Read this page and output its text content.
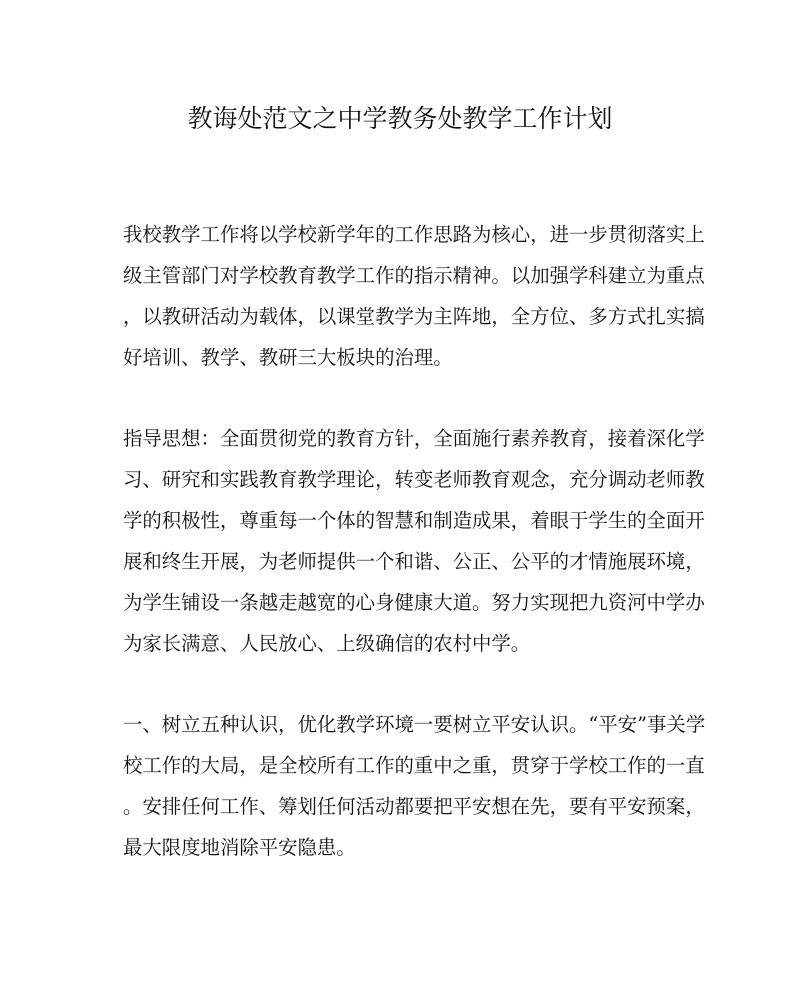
教诲处范文之中学教务处教学工作计划
我校教学工作将以学校新学年的工作思路为核心，进一步贯彻落实上
级主管部门对学校教育教学工作的指示精神。以加强学科建立为重点
，以教研活动为载体，以课堂教学为主阵地，全方位、多方式扎实搞
好培训、教学、教研三大板块的治理。
指导思想：全面贯彻党的教育方针，全面施行素养教育，接着深化学
习、研究和实践教育教学理论，转变老师教育观念，充分调动老师教
学的积极性，尊重每一个体的智慧和制造成果，着眼于学生的全面开
展和终生开展，为老师提供一个和谐、公正、公平的才情施展环境，
为学生铺设一条越走越宽的心身健康大道。努力实现把九资河中学办
为家长满意、人民放心、上级确信的农村中学。
一、树立五种认识，优化教学环境一要树立平安认识。“平安”事关学
校工作的大局，是全校所有工作的重中之重，贯穿于学校工作的一直
。安排任何工作、筹划任何活动都要把平安想在先，要有平安预案，
最大限度地消除平安隐患。
